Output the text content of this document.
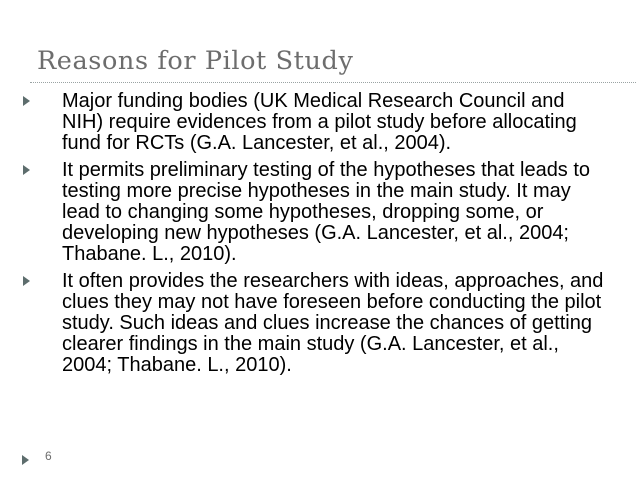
Reasons for Pilot Study
Major funding bodies (UK Medical Research Council and NIH) require evidences from a pilot study before allocating fund for RCTs (G.A. Lancester, et al., 2004).
It permits preliminary testing of the hypotheses that leads to testing more precise hypotheses in the main study. It may lead to changing some hypotheses, dropping some, or developing new hypotheses (G.A. Lancester, et al., 2004; Thabane. L., 2010).
It often provides the researchers with ideas, approaches, and clues they may not have foreseen before conducting the pilot study. Such ideas and clues increase the chances of getting clearer findings in the main study (G.A. Lancester, et al., 2004; Thabane. L., 2010).
6
